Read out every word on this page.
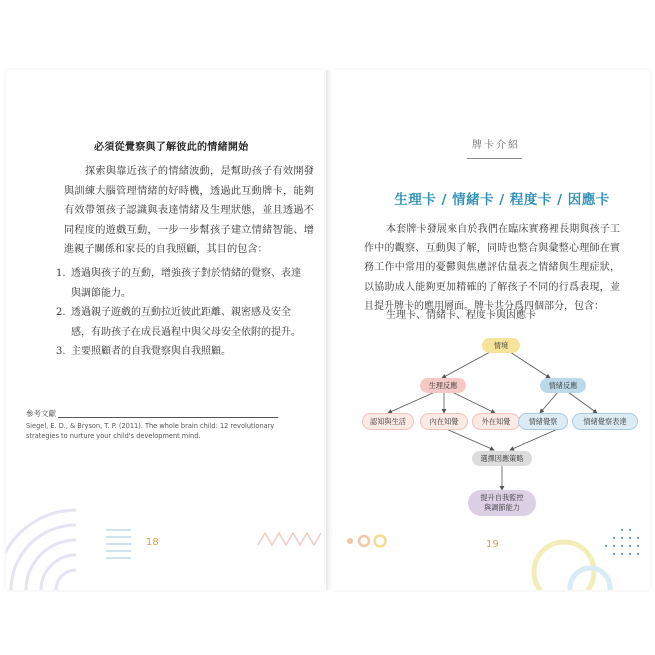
必須從覺察與了解彼此的情緒開始

探索與靠近孩子的情緒波動，是幫助孩子有效開發與訓練大腦管理情緒的好時機，透過此互動牌卡，能夠有效帶領孩子認識與表達情緒及生理狀態，並且透過不同程度的遊戲互動，一步一步幫孩子建立情緒智能、增進親子關係和家長的自我照顧，其目的包含：

1. 透過與孩子的互動，增強孩子對於情緒的覺察、表達與調節能力。
2. 透過親子遊戲的互動拉近彼此距離、親密感及安全感，有助孩子在成長過程中與父母安全依附的提升。
3. 主要照顧者的自我覺察與自我照顧。
參考文獻
Siegel, E. D., & Bryson, T. P. (2011). The whole brain child: 12 revolutionary strategies to nurture your child's development mind.
18
牌卡介紹
生理卡 / 情緒卡 / 程度卡 / 因應卡

本套牌卡發展來自於我們在臨床實務裡長期與孩子工作中的觀察、互動與了解，同時也整合與彙整心理師在實務工作中常用的憂鬱與焦慮評估量表之情緒與生理症狀，以協助成人能夠更加精確的了解孩子不同的行爲表現，並且提升牌卡的應用層面。牌卡共分爲四個部分，包含：

生理卡、情緒卡、程度卡與因應卡
情境
生理反應	情緒反應
認知與生活	內在知覺	外在知覺	情緒覺察	情緒覺察表達
選擇因應策略
提升自我監控
與調節能力
19
